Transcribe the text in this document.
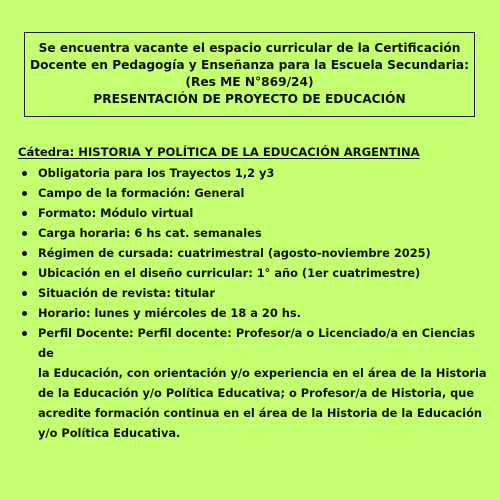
Se encuentra vacante el espacio curricular de la Certificación
Docente en Pedagogía y Enseñanza para la Escuela Secundaria:
(Res ME N°869/24)
PRESENTACIÓN DE PROYECTO DE EDUCACIÓN
Cátedra: HISTORIA Y POLÍTICA DE LA EDUCACIÓN ARGENTINA
Obligatoria para los Trayectos 1,2 y3
Campo de la formación: General
Formato: Módulo virtual
Carga horaria: 6 hs cat. semanales
Régimen de cursada: cuatrimestral (agosto-noviembre 2025)
Ubicación en el diseño curricular: 1° año (1er cuatrimestre)
Situación de revista: titular
Horario: lunes y miércoles de 18 a 20 hs.
Perfil Docente: Perfil docente: Profesor/a o Licenciado/a en Ciencias de
la Educación, con orientación y/o experiencia en el área de la Historia
de la Educación y/o Política Educativa; o Profesor/a de Historia, que
acredite formación continua en el área de la Historia de la Educación
y/o Política Educativa.
